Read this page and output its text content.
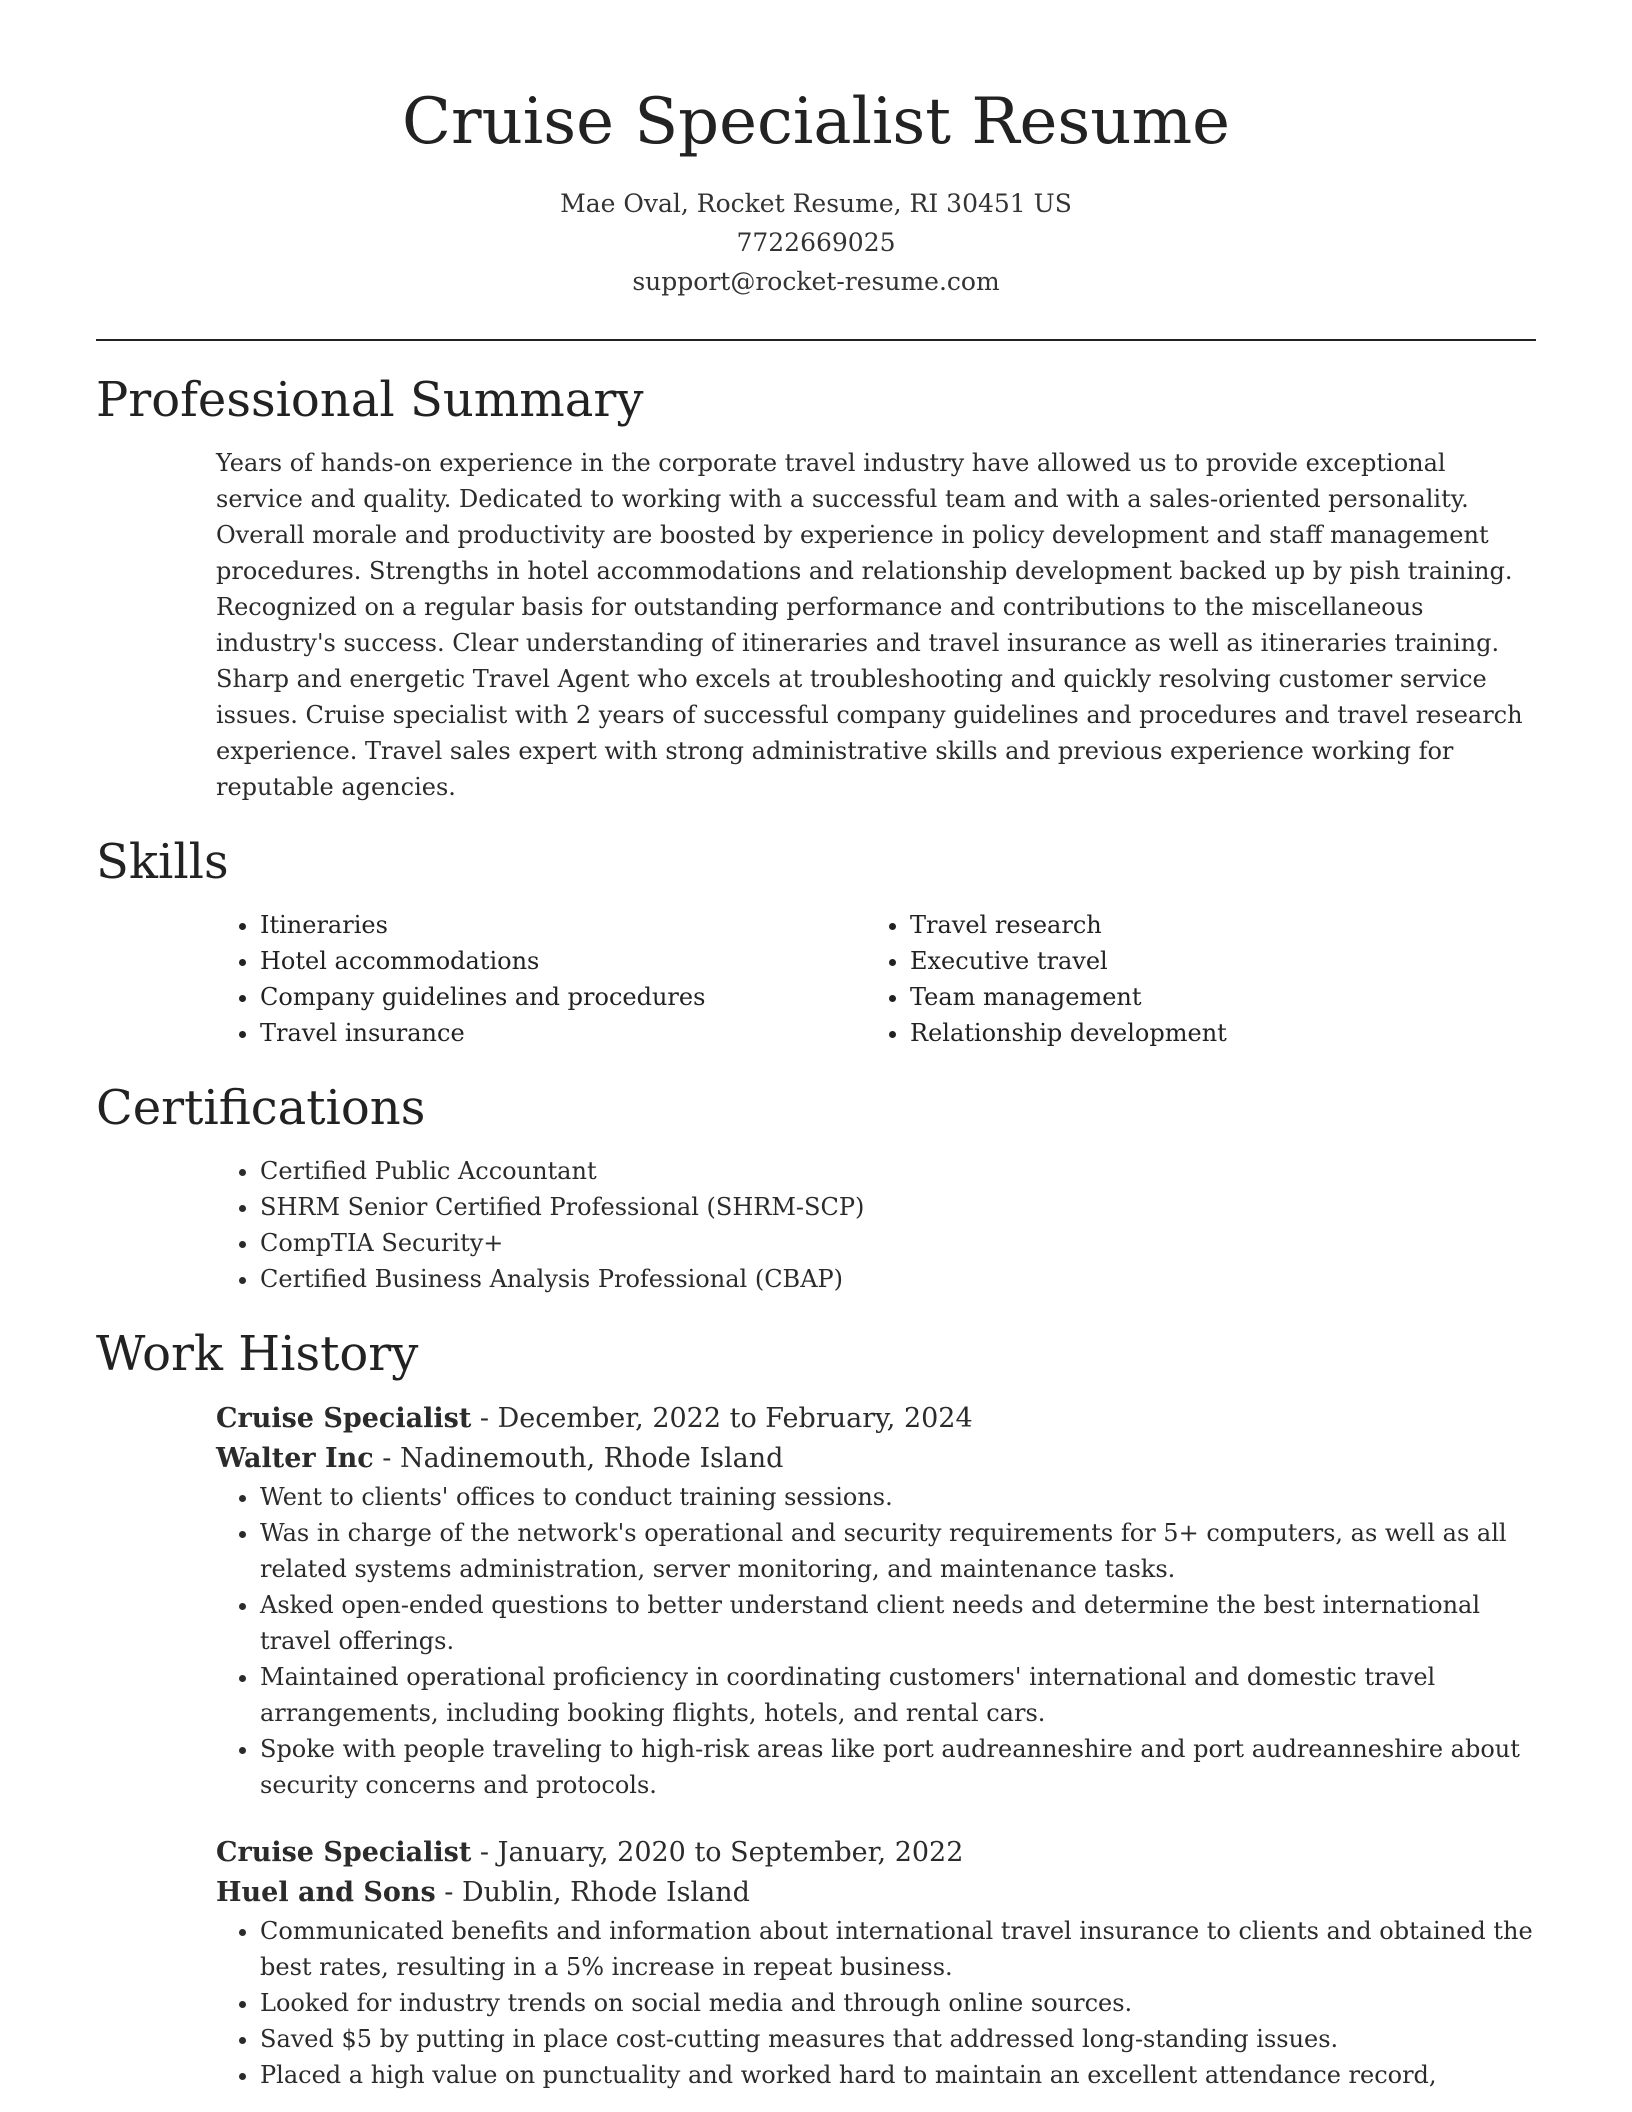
Cruise Specialist Resume
Mae Oval, Rocket Resume, RI 30451 US
7722669025
support@rocket-resume.com
Professional Summary

Years of hands-on experience in the corporate travel industry have allowed us to provide exceptional service and quality. Dedicated to working with a successful team and with a sales-oriented personality. Overall morale and productivity are boosted by experience in policy development and staff management procedures. Strengths in hotel accommodations and relationship development backed up by pish training. Recognized on a regular basis for outstanding performance and contributions to the miscellaneous industry's success. Clear understanding of itineraries and travel insurance as well as itineraries training. Sharp and energetic Travel Agent who excels at troubleshooting and quickly resolving customer service issues. Cruise specialist with 2 years of successful company guidelines and procedures and travel research experience. Travel sales expert with strong administrative skills and previous experience working for reputable agencies.

Skills
• Itineraries
• Hotel accommodations
• Company guidelines and procedures
• Travel insurance
• Travel research
• Executive travel
• Team management
• Relationship development
Certifications
• Certified Public Accountant
• SHRM Senior Certified Professional (SHRM-SCP)
• CompTIA Security+
• Certified Business Analysis Professional (CBAP)
Work History
Cruise Specialist - December, 2022 to February, 2024
Walter Inc - Nadinemouth, Rhode Island
• Went to clients' offices to conduct training sessions.
• Was in charge of the network's operational and security requirements for 5+ computers, as well as all related systems administration, server monitoring, and maintenance tasks.
• Asked open-ended questions to better understand client needs and determine the best international travel offerings.
• Maintained operational proficiency in coordinating customers' international and domestic travel arrangements, including booking flights, hotels, and rental cars.
• Spoke with people traveling to high-risk areas like port audreanneshire and port audreanneshire about security concerns and protocols.
Cruise Specialist - January, 2020 to September, 2022
Huel and Sons - Dublin, Rhode Island
• Communicated benefits and information about international travel insurance to clients and obtained the best rates, resulting in a 5% increase in repeat business.
• Looked for industry trends on social media and through online sources.
• Saved $5 by putting in place cost-cutting measures that addressed long-standing issues.
• Placed a high value on punctuality and worked hard to maintain an excellent attendance record,
